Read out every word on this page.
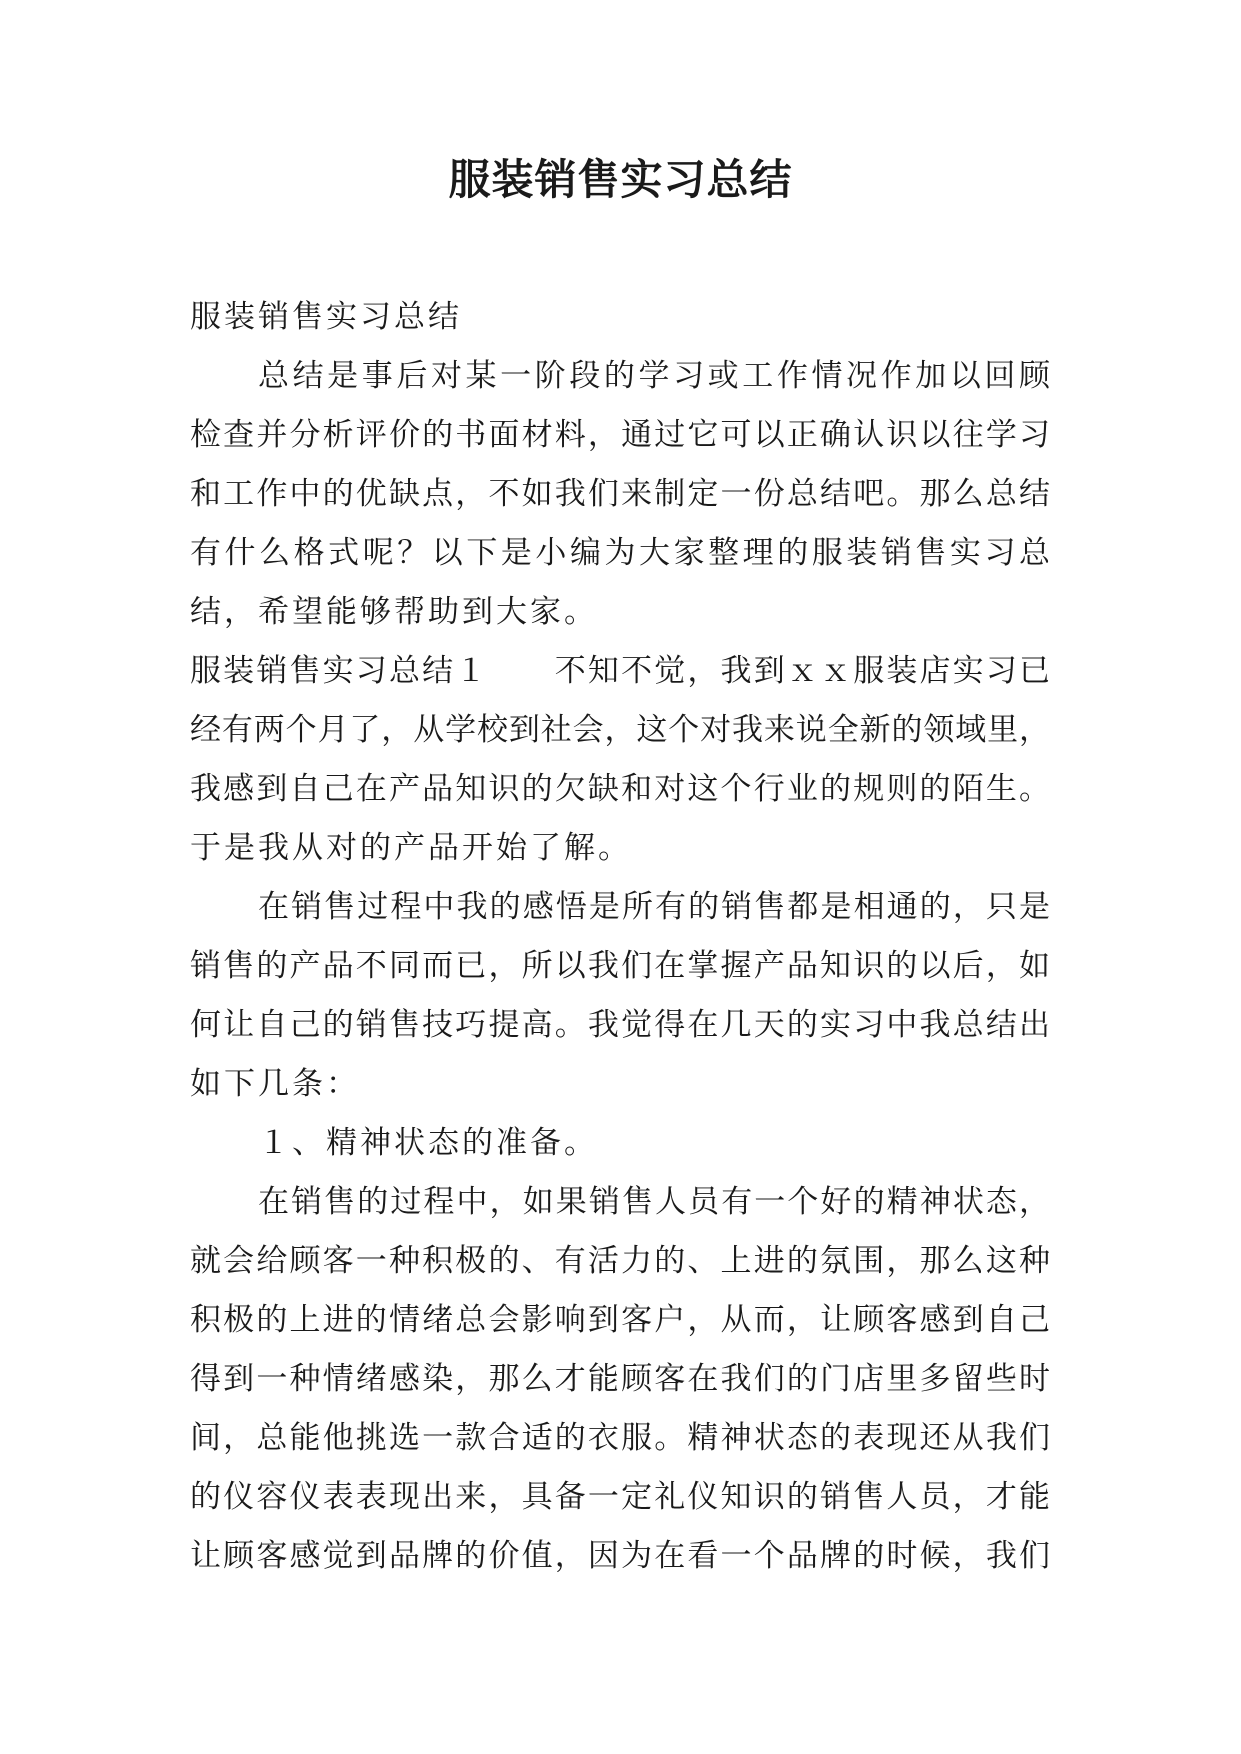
服装销售实习总结
服装销售实习总结
总结是事后对某一阶段的学习或工作情况作加以回顾
检查并分析评价的书面材料，通过它可以正确认识以往学习
和工作中的优缺点，不如我们来制定一份总结吧。那么总结
有什么格式呢？以下是小编为大家整理的服装销售实习总
结，希望能够帮助到大家。
服装销售实习总结１　　不知不觉，我到ｘｘ服装店实习已
经有两个月了，从学校到社会，这个对我来说全新的领域里，
我感到自己在产品知识的欠缺和对这个行业的规则的陌生。
于是我从对的产品开始了解。
在销售过程中我的感悟是所有的销售都是相通的，只是
销售的产品不同而已，所以我们在掌握产品知识的以后，如
何让自己的销售技巧提高。我觉得在几天的实习中我总结出
如下几条：
１、精神状态的准备。
在销售的过程中，如果销售人员有一个好的精神状态，
就会给顾客一种积极的、有活力的、上进的氛围，那么这种
积极的上进的情绪总会影响到客户，从而，让顾客感到自己
得到一种情绪感染，那么才能顾客在我们的门店里多留些时
间，总能他挑选一款合适的衣服。精神状态的表现还从我们
的仪容仪表表现出来，具备一定礼仪知识的销售人员，才能
让顾客感觉到品牌的价值，因为在看一个品牌的时候，我们
